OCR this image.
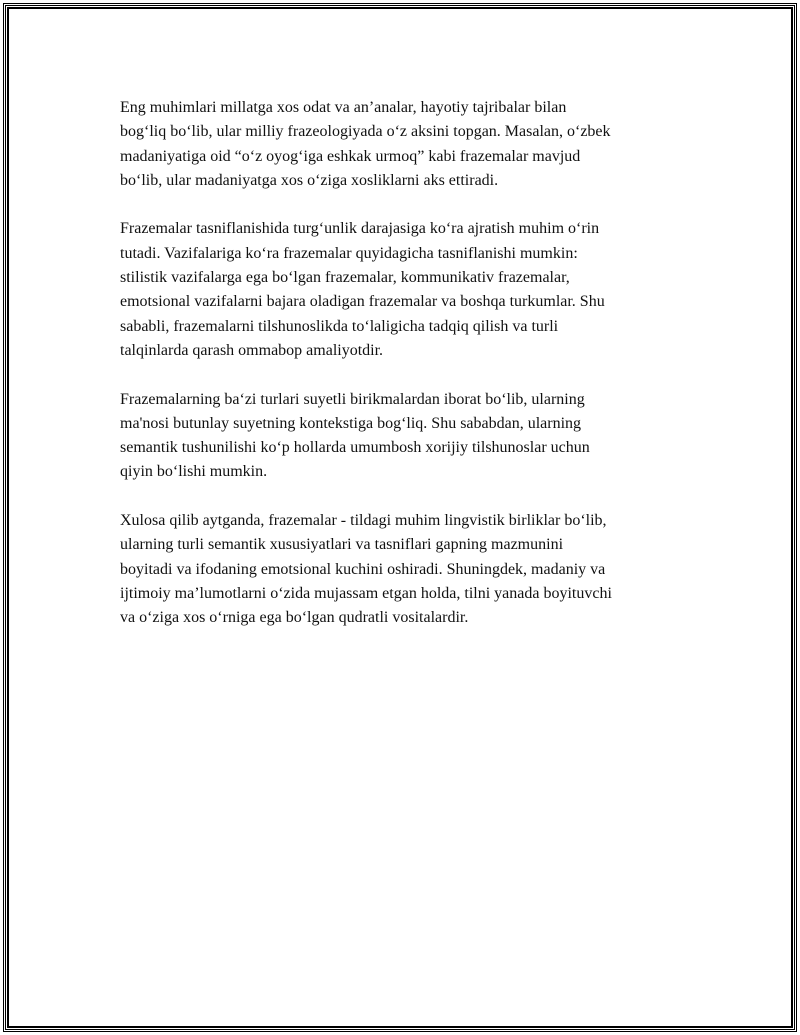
Eng muhimlari millatga xos odat va an’analar, hayotiy tajribalar bilan
bog‘liq bo‘lib, ular milliy frazeologiyada o‘z aksini topgan. Masalan, o‘zbek
madaniyatiga oid “o‘z oyog‘iga eshkak urmoq” kabi frazemalar mavjud
bo‘lib, ular madaniyatga xos o‘ziga xosliklarni aks ettiradi.

Frazemalar tasniflanishida turg‘unlik darajasiga ko‘ra ajratish muhim o‘rin
tutadi. Vazifalariga ko‘ra frazemalar quyidagicha tasniflanishi mumkin:
stilistik vazifalarga ega bo‘lgan frazemalar, kommunikativ frazemalar,
emotsional vazifalarni bajara oladigan frazemalar va boshqa turkumlar. Shu
sababli, frazemalarni tilshunoslikda to‘laligicha tadqiq qilish va turli
talqinlarda qarash ommabop amaliyotdir.

Frazemalarning ba‘zi turlari suyetli birikmalardan iborat bo‘lib, ularning
ma'nosi butunlay suyetning kontekstiga bog‘liq. Shu sababdan, ularning
semantik tushunilishi ko‘p hollarda umumbosh xorijiy tilshunoslar uchun
qiyin bo‘lishi mumkin.

Xulosa qilib aytganda, frazemalar - tildagi muhim lingvistik birliklar bo‘lib,
ularning turli semantik xususiyatlari va tasniflari gapning mazmunini
boyitadi va ifodaning emotsional kuchini oshiradi. Shuningdek, madaniy va
ijtimoiy ma’lumotlarni o‘zida mujassam etgan holda, tilni yanada boyituvchi
va o‘ziga xos o‘rniga ega bo‘lgan qudratli vositalardir.
